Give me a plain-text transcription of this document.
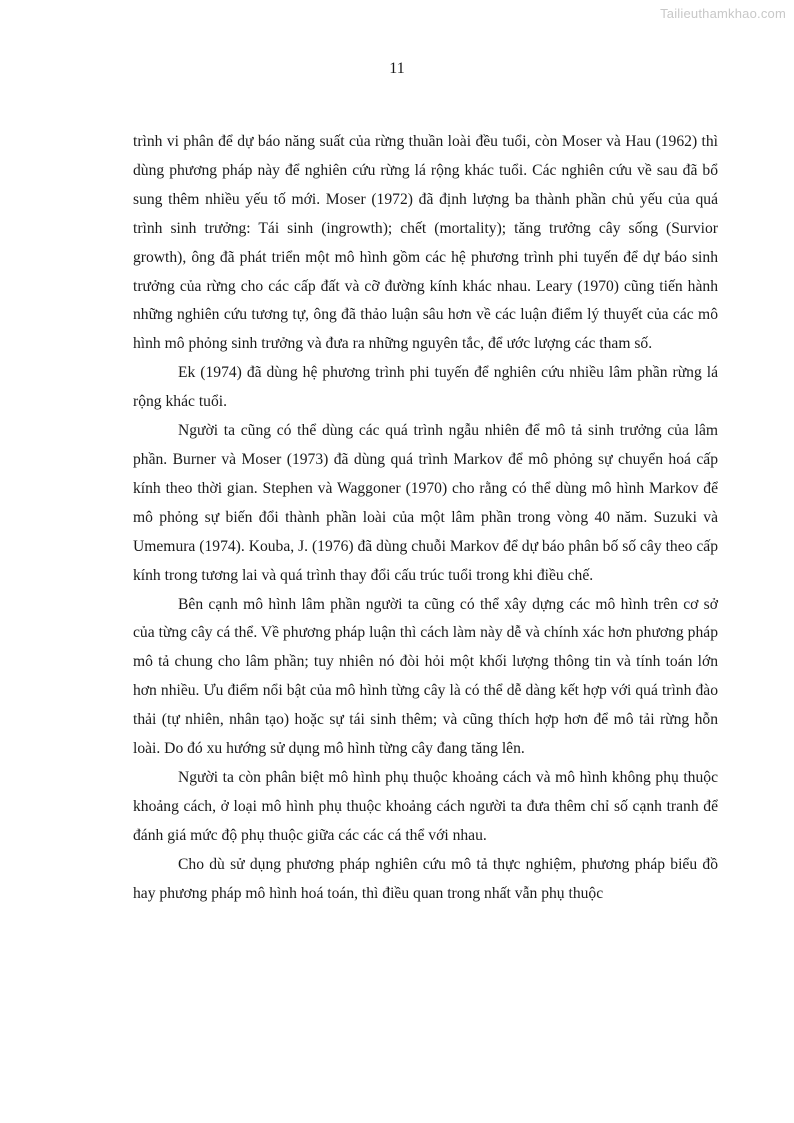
Tailieuthamkhao.com
11

trình vi phân để dự báo năng suất của rừng thuần loài đều tuổi, còn Moser và Hau (1962) thì dùng phương pháp này để nghiên cứu rừng lá rộng khác tuổi. Các nghiên cứu về sau đã bổ sung thêm nhiều yếu tố mới. Moser (1972) đã định lượng ba thành phần chủ yếu của quá trình sinh trưởng: Tái sinh (ingrowth); chết (mortality); tăng trưởng cây sống (Survior growth), ông đã phát triển một mô hình gồm các hệ phương trình phi tuyến để dự báo sinh trưởng của rừng cho các cấp đất và cỡ đường kính khác nhau. Leary (1970) cũng tiến hành những nghiên cứu tương tự, ông đã thảo luận sâu hơn về các luận điểm lý thuyết của các mô hình mô phỏng sinh trưởng và đưa ra những nguyên tắc, để ước lượng các tham số.

Ek (1974) đã dùng hệ phương trình phi tuyến để nghiên cứu nhiều lâm phần rừng lá rộng khác tuổi.

Người ta cũng có thể dùng các quá trình ngẫu nhiên để mô tả sinh trưởng của lâm phần. Burner và Moser (1973) đã dùng quá trình Markov để mô phỏng sự chuyển hoá cấp kính theo thời gian. Stephen và Waggoner (1970) cho rằng có thể dùng mô hình Markov để mô phỏng sự biến đổi thành phần loài của một lâm phần trong vòng 40 năm. Suzuki và Umemura (1974). Kouba, J. (1976) đã dùng chuỗi Markov để dự báo phân bố số cây theo cấp kính trong tương lai và quá trình thay đổi cấu trúc tuổi trong khi điều chế.

Bên cạnh mô hình lâm phần người ta cũng có thể xây dựng các mô hình trên cơ sở của từng cây cá thể. Về phương pháp luận thì cách làm này dễ và chính xác hơn phương pháp mô tả chung cho lâm phần; tuy nhiên nó đòi hỏi một khối lượng thông tin và tính toán lớn hơn nhiều. Ưu điểm nổi bật của mô hình từng cây là có thể dễ dàng kết hợp với quá trình đào thải (tự nhiên, nhân tạo) hoặc sự tái sinh thêm; và cũng thích hợp hơn để mô tải rừng hỗn loài. Do đó xu hướng sử dụng mô hình từng cây đang tăng lên.

Người ta còn phân biệt mô hình phụ thuộc khoảng cách và mô hình không phụ thuộc khoảng cách, ở loại mô hình phụ thuộc khoảng cách người ta đưa thêm chỉ số cạnh tranh để đánh giá mức độ phụ thuộc giữa các các cá thể với nhau.

Cho dù sử dụng phương pháp nghiên cứu mô tả thực nghiệm, phương pháp biểu đồ hay phương pháp mô hình hoá toán, thì điều quan trong nhất vẫn phụ thuộc
